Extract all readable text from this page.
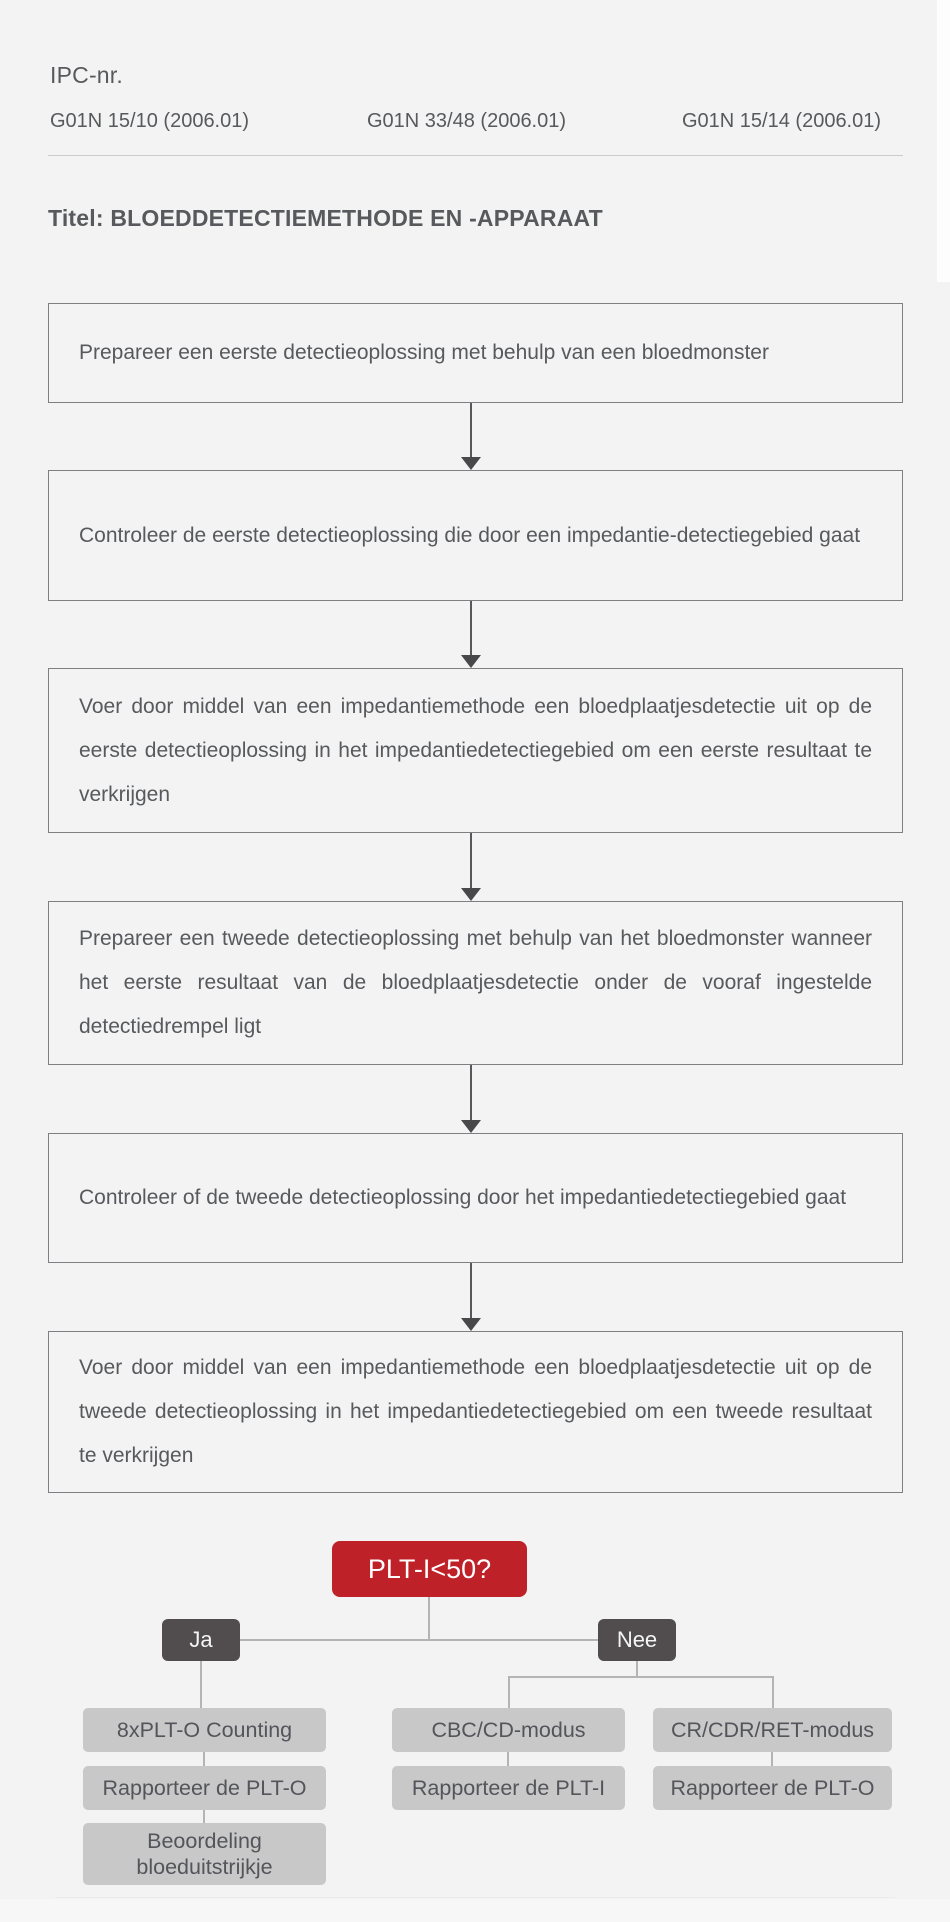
IPC-nr.
G01N 15/10 (2006.01)	G01N 33/48 (2006.01)	G01N 15/14 (2006.01)
Titel: BLOEDDETECTIEMETHODE EN -APPARAAT
Prepareer een eerste detectieoplossing met behulp van een bloedmonster
Controleer de eerste detectieoplossing die door een impedantie-detectiegebied gaat
Voer door middel van een impedantiemethode een bloedplaatjesdetectie uit op de eerste detectieoplossing in het impedantiedetectiegebied om een eerste resultaat te verkrijgen
Prepareer een tweede detectieoplossing met behulp van het bloedmonster wanneer het eerste resultaat van de bloedplaatjesdetectie onder de vooraf ingestelde detectiedrempel ligt
Controleer of de tweede detectieoplossing door het impedantiedetectiegebied gaat
Voer door middel van een impedantiemethode een bloedplaatjesdetectie uit op de tweede detectieoplossing in het impedantiedetectiegebied om een tweede resultaat te verkrijgen
PLT-I<50?
Ja	Nee
8xPLT-O Counting	CBC/CD-modus	CR/CDR/RET-modus
Rapporteer de PLT-O	Rapporteer de PLT-I	Rapporteer de PLT-O
Beoordeling bloeduitstrijkje
